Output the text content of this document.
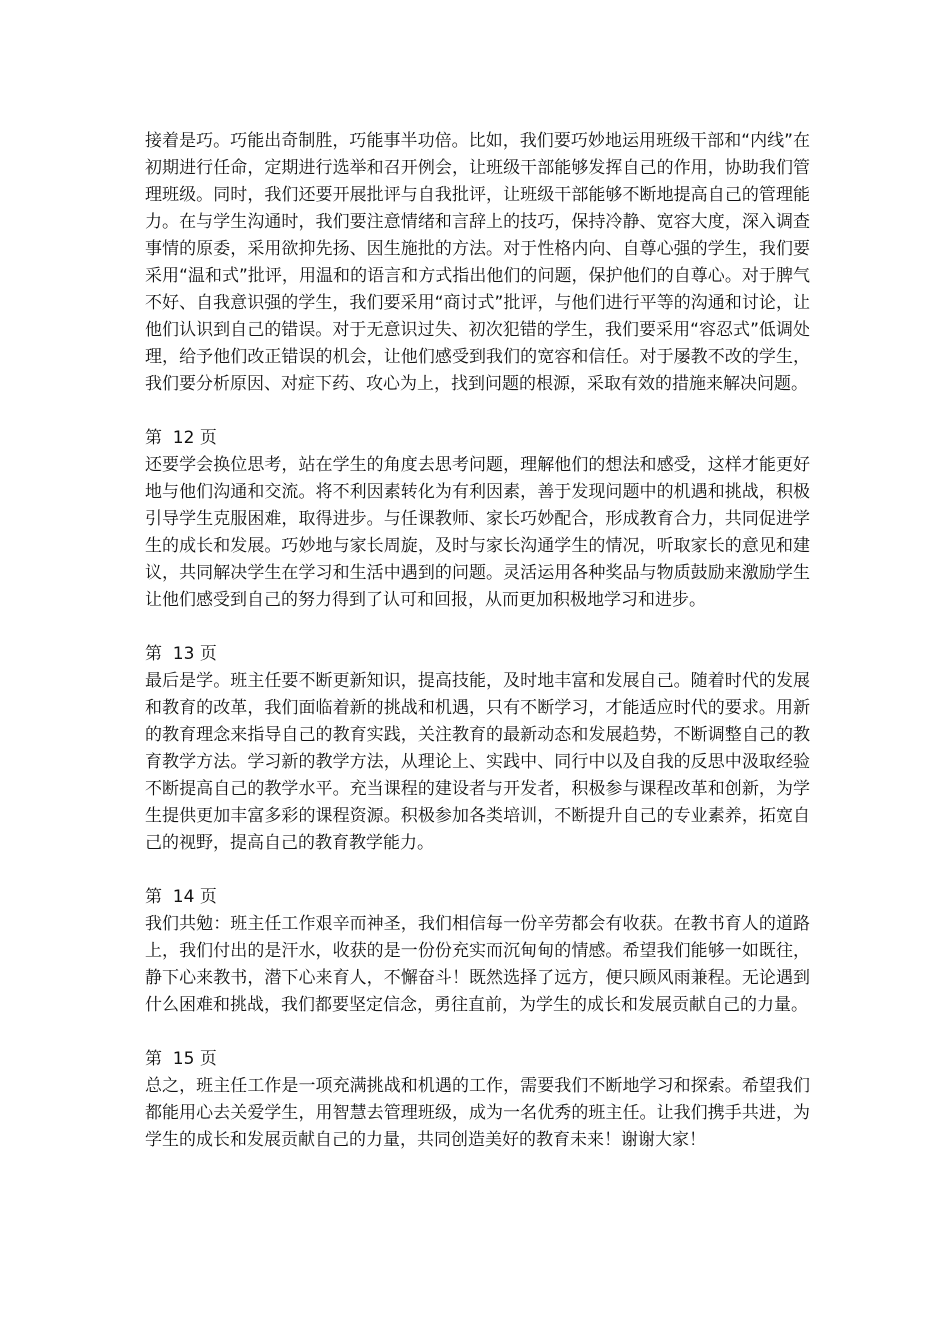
接着是巧。巧能出奇制胜，巧能事半功倍。比如，我们要巧妙地运用班级干部和“内线”在初期进行任命，定期进行选举和召开例会，让班级干部能够发挥自己的作用，协助我们管理班级。同时，我们还要开展批评与自我批评，让班级干部能够不断地提高自己的管理能力。在与学生沟通时，我们要注意情绪和言辞上的技巧，保持冷静、宽容大度，深入调查事情的原委，采用欲抑先扬、因生施批的方法。对于性格内向、自尊心强的学生，我们要采用“温和式”批评，用温和的语言和方式指出他们的问题，保护他们的自尊心。对于脾气不好、自我意识强的学生，我们要采用“商讨式”批评，与他们进行平等的沟通和讨论，让他们认识到自己的错误。对于无意识过失、初次犯错的学生，我们要采用“容忍式”低调处理，给予他们改正错误的机会，让他们感受到我们的宽容和信任。对于屡教不改的学生，我们要分析原因、对症下药、攻心为上，找到问题的根源，采取有效的措施来解决问题。

第  12 页

还要学会换位思考，站在学生的角度去思考问题，理解他们的想法和感受，这样才能更好地与他们沟通和交流。将不利因素转化为有利因素，善于发现问题中的机遇和挑战，积极引导学生克服困难，取得进步。与任课教师、家长巧妙配合，形成教育合力，共同促进学生的成长和发展。巧妙地与家长周旋，及时与家长沟通学生的情况，听取家长的意见和建议，共同解决学生在学习和生活中遇到的问题。灵活运用各种奖品与物质鼓励来激励学生让他们感受到自己的努力得到了认可和回报，从而更加积极地学习和进步。

第  13 页

最后是学。班主任要不断更新知识，提高技能，及时地丰富和发展自己。随着时代的发展和教育的改革，我们面临着新的挑战和机遇，只有不断学习，才能适应时代的要求。用新的教育理念来指导自己的教育实践，关注教育的最新动态和发展趋势，不断调整自己的教育教学方法。学习新的教学方法，从理论上、实践中、同行中以及自我的反思中汲取经验不断提高自己的教学水平。充当课程的建设者与开发者，积极参与课程改革和创新，为学生提供更加丰富多彩的课程资源。积极参加各类培训，不断提升自己的专业素养，拓宽自己的视野，提高自己的教育教学能力。

第  14 页

我们共勉：班主任工作艰辛而神圣，我们相信每一份辛劳都会有收获。在教书育人的道路上，我们付出的是汗水，收获的是一份份充实而沉甸甸的情感。希望我们能够一如既往，静下心来教书，潜下心来育人，不懈奋斗！既然选择了远方，便只顾风雨兼程。无论遇到什么困难和挑战，我们都要坚定信念，勇往直前，为学生的成长和发展贡献自己的力量。

第  15 页

总之，班主任工作是一项充满挑战和机遇的工作，需要我们不断地学习和探索。希望我们都能用心去关爱学生，用智慧去管理班级，成为一名优秀的班主任。让我们携手共进，为学生的成长和发展贡献自己的力量，共同创造美好的教育未来！谢谢大家！
